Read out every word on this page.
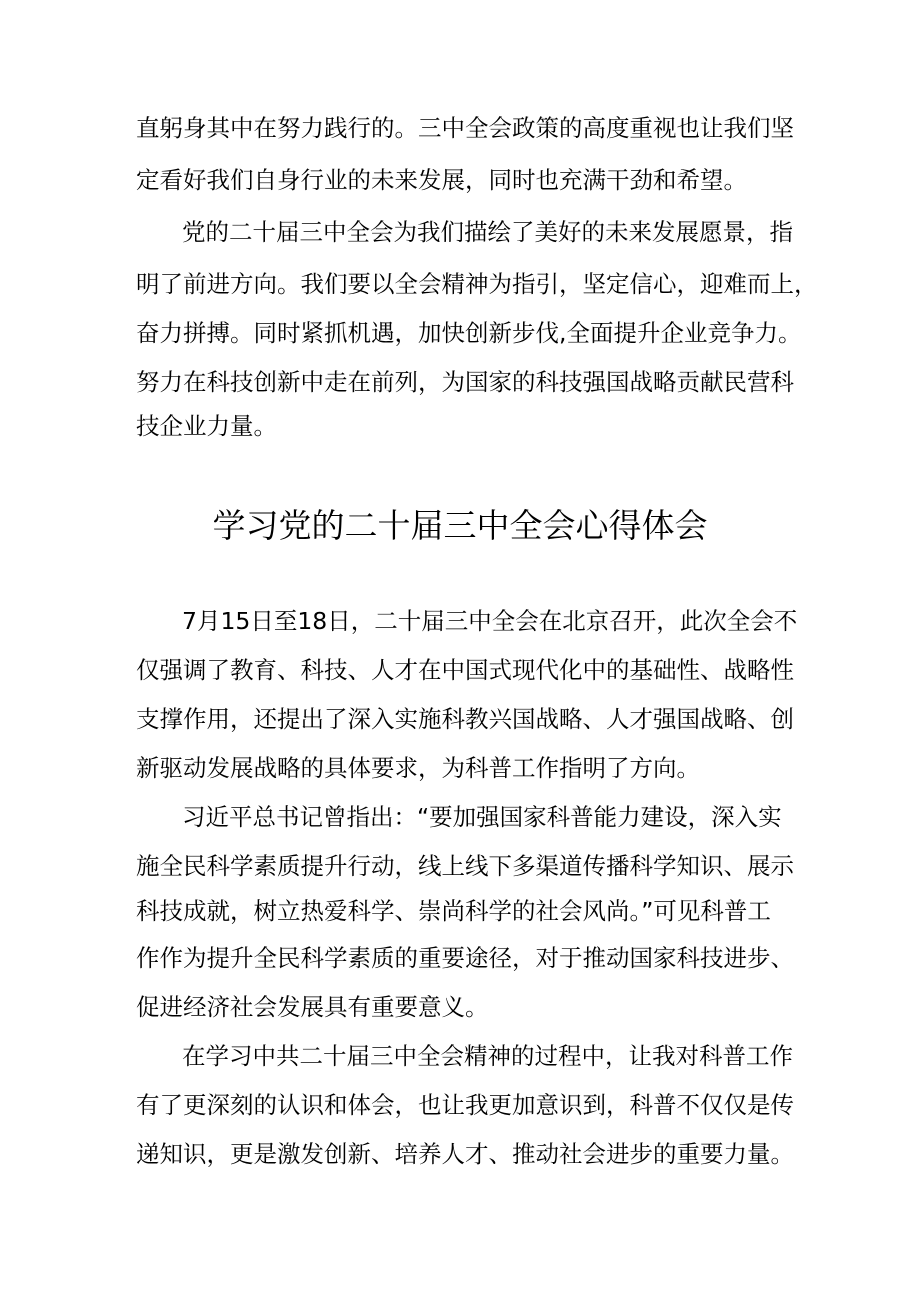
直躬身其中在努力践行的。三中全会政策的高度重视也让我们坚
定看好我们自身行业的未来发展，同时也充满干劲和希望。
党的二十届三中全会为我们描绘了美好的未来发展愿景，指
明了前进方向。我们要以全会精神为指引，坚定信心，迎难而上，
奋力拼搏。同时紧抓机遇，加快创新步伐,全面提升企业竞争力。
努力在科技创新中走在前列，为国家的科技强国战略贡献民营科
技企业力量。
学习党的二十届三中全会心得体会
7月15日至18日，二十届三中全会在北京召开，此次全会不
仅强调了教育、科技、人才在中国式现代化中的基础性、战略性
支撑作用，还提出了深入实施科教兴国战略、人才强国战略、创
新驱动发展战略的具体要求，为科普工作指明了方向。
习近平总书记曾指出：“要加强国家科普能力建设，深入实
施全民科学素质提升行动，线上线下多渠道传播科学知识、展示
科技成就，树立热爱科学、崇尚科学的社会风尚。”可见科普工
作作为提升全民科学素质的重要途径，对于推动国家科技进步、
促进经济社会发展具有重要意义。
在学习中共二十届三中全会精神的过程中，让我对科普工作
有了更深刻的认识和体会，也让我更加意识到，科普不仅仅是传
递知识，更是激发创新、培养人才、推动社会进步的重要力量。
